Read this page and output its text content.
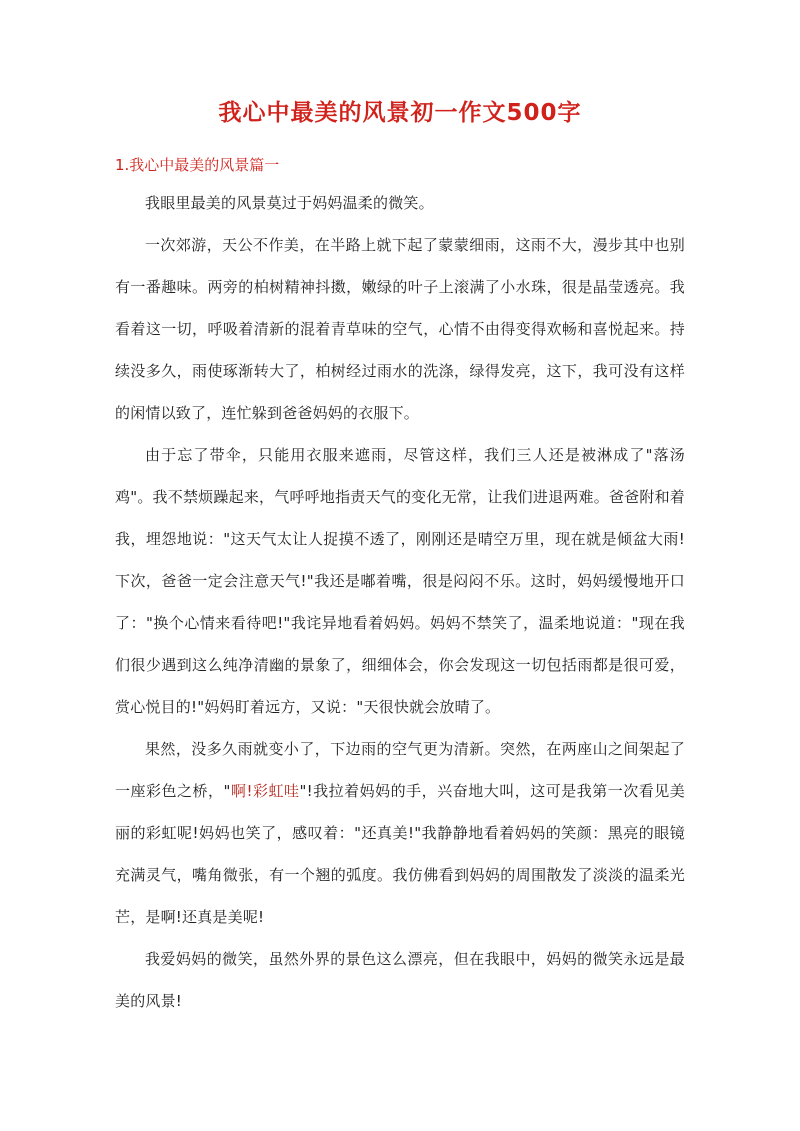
我心中最美的风景初一作文500字
1.我心中最美的风景篇一

我眼里最美的风景莫过于妈妈温柔的微笑。

一次郊游，天公不作美，在半路上就下起了蒙蒙细雨，这雨不大，漫步其中也别有一番趣味。两旁的柏树精神抖擞，嫩绿的叶子上滚满了小水珠，很是晶莹透亮。我看着这一切，呼吸着清新的混着青草味的空气，心情不由得变得欢畅和喜悦起来。持续没多久，雨使琢渐转大了，柏树经过雨水的洗涤，绿得发亮，这下，我可没有这样的闲情以致了，连忙躲到爸爸妈妈的衣服下。

由于忘了带伞，只能用衣服来遮雨，尽管这样，我们三人还是被淋成了"落汤鸡"。我不禁烦躁起来，气呼呼地指责天气的变化无常，让我们进退两难。爸爸附和着我，埋怨地说："这天气太让人捉摸不透了，刚刚还是晴空万里，现在就是倾盆大雨!下次，爸爸一定会注意天气!"我还是嘟着嘴，很是闷闷不乐。这时，妈妈缓慢地开口了："换个心情来看待吧!"我诧异地看着妈妈。妈妈不禁笑了，温柔地说道："现在我们很少遇到这么纯净清幽的景象了，细细体会，你会发现这一切包括雨都是很可爱，赏心悦目的!"妈妈盯着远方，又说："天很快就会放晴了。

果然，没多久雨就变小了，下边雨的空气更为清新。突然，在两座山之间架起了一座彩色之桥，"啊!彩虹哇"!我拉着妈妈的手，兴奋地大叫，这可是我第一次看见美丽的彩虹呢!妈妈也笑了，感叹着："还真美!"我静静地看着妈妈的笑颜：黑亮的眼镜充满灵气，嘴角微张，有一个翘的弧度。我仿佛看到妈妈的周围散发了淡淡的温柔光芒，是啊!还真是美呢!

我爱妈妈的微笑，虽然外界的景色这么漂亮，但在我眼中，妈妈的微笑永远是最美的风景!
